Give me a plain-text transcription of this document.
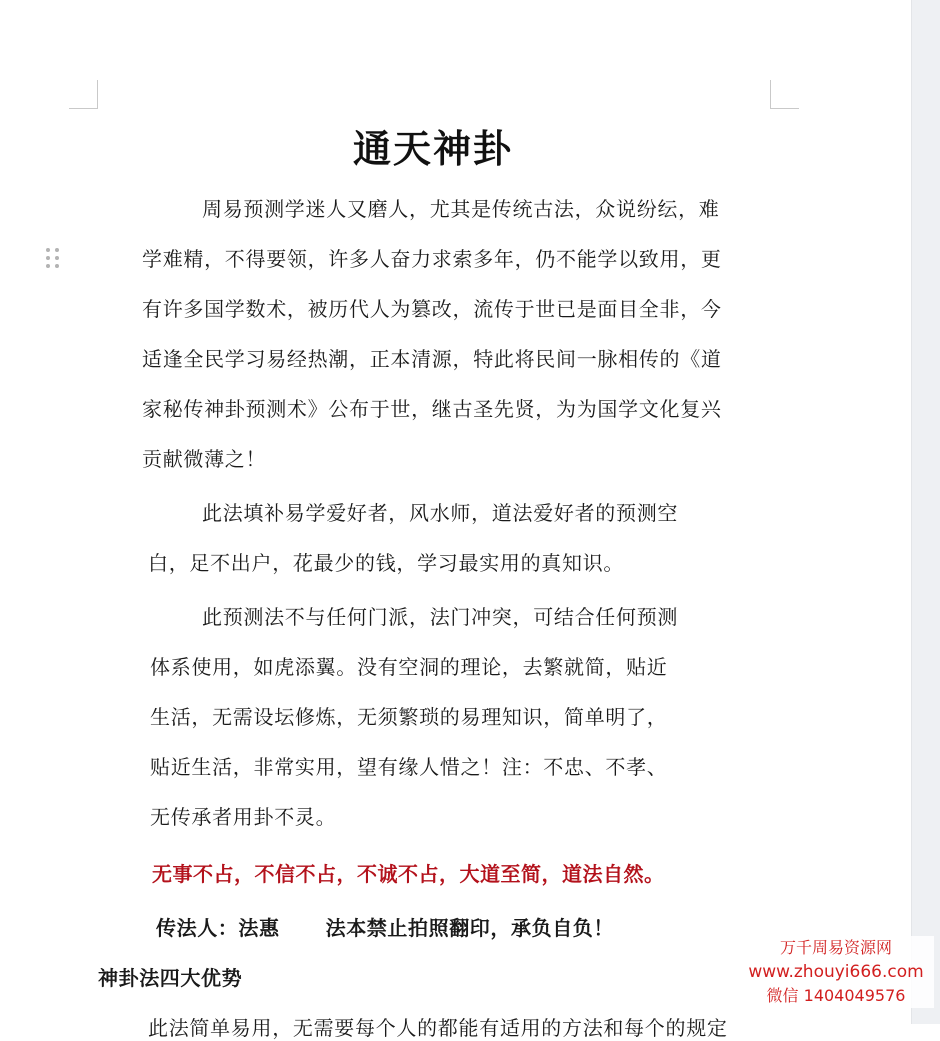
通天神卦
周易预测学迷人又磨人，尤其是传统古法，众说纷纭，难
学难精，不得要领，许多人奋力求索多年，仍不能学以致用，更
有许多国学数术，被历代人为篡改，流传于世已是面目全非，今
适逢全民学习易经热潮，正本清源，特此将民间一脉相传的《道
家秘传神卦预测术》公布于世，继古圣先贤，为为国学文化复兴
贡献微薄之！
此法填补易学爱好者，风水师，道法爱好者的预测空
白，足不出户，花最少的钱，学习最实用的真知识。
此预测法不与任何门派，法门冲突，可结合任何预测
体系使用，如虎添翼。没有空洞的理论，去繁就简，贴近
生活，无需设坛修炼，无须繁琐的易理知识，简单明了，
贴近生活，非常实用，望有缘人惜之！注：不忠、不孝、
无传承者用卦不灵。

无事不占，不信不占，不诚不占，大道至简，道法自然。

传法人：法惠 法本禁止拍照翻印，承负自负！

神卦法四大优势

此法简单易用，无需要每个人的都能有适用的方法和每个的规定

万千周易资源网
www.zhouyi666.com
微信 1404049576
